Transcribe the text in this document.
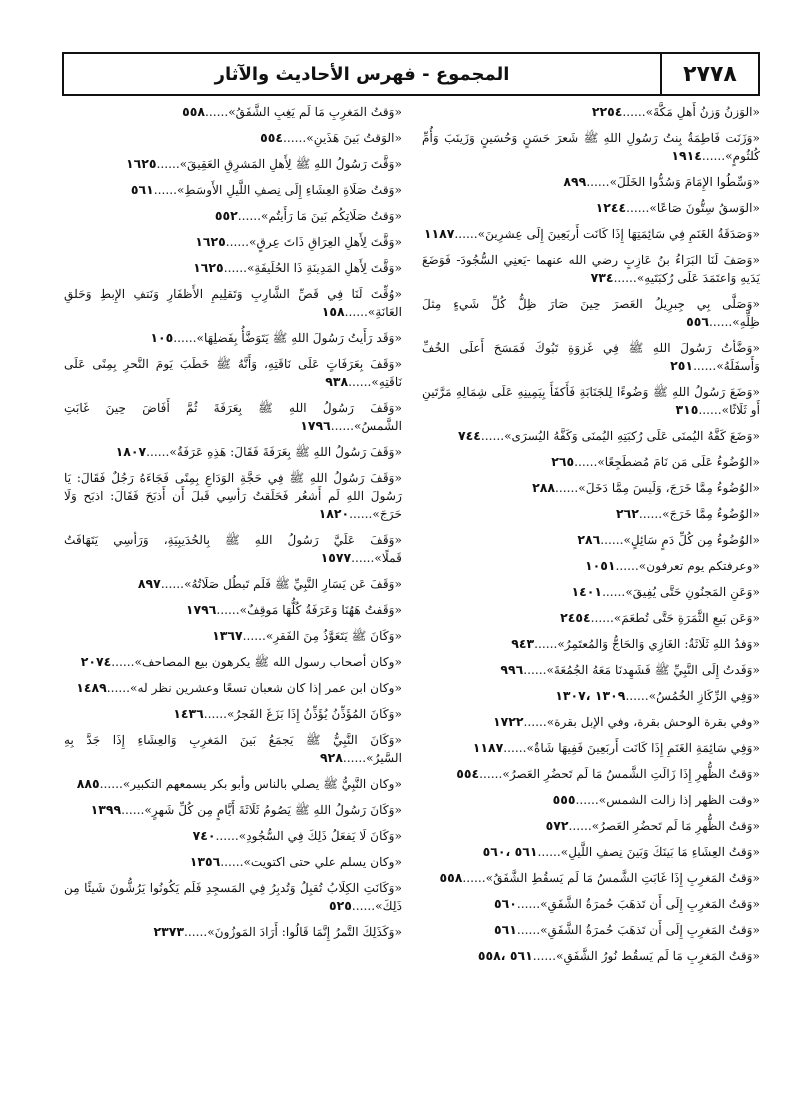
٢٧٧٨
المجموع - فهرس الأحاديث والآثار
«الوَزنُ وَزنُ أَهلِ مَكَّةَ»......٢٢٥٤
«وَزَنَت فَاطِمَةُ بِنتُ رَسُولِ اللهِ ﷺ شَعرَ حَسَنٍ وَحُسَينٍ وَزَينَبَ وَأُمِّ كُلثُومٍ»......١٩١٤
«وَسِّطُوا الإِمَامَ وَسُدُّوا الخَلَلَ»......٨٩٩
«الوَسقُ سِتُّونَ صَاعًا»......١٢٤٤
«وَصَدَقَةُ الغَنَمِ فِي سَائِمَتِهَا إِذَا كَانَت أَربَعِينَ إِلَى عِشرِينَ»......١١٨٧
«وَصَفَ لَنَا البَرَاءُ بنُ عَازِبٍ رضي الله عنهما -يَعنِي السُّجُودَ- فَوَضَعَ يَدَيهِ وَاعتَمَدَ عَلَى رُكبَتَيهِ»......٧٣٤
«وَصَلَّى بِي جِبرِيلُ العَصرَ حِينَ صَارَ ظِلُّ كُلِّ شَيءٍ مِثلَ ظِلِّهِ»......٥٥٦
«وَضَّأتُ رَسُولَ اللهِ ﷺ فِي غَزوَةِ تَبُوكَ فَمَسَحَ أَعلَى الخُفِّ وَأَسفَلَهُ»......٢٥١
«وَضَعَ رَسُولُ اللهِ ﷺ وَضُوءًا لِلجَنَابَةِ فَأَكفَأَ بِيَمِينِهِ عَلَى شِمَالِهِ مَرَّتَينِ أَو ثَلَاثًا»......٣١٥
«وَضَعَ كَفَّهُ اليُمنَى عَلَى رُكبَتِهِ اليُمنَى وَكَفَّهُ اليُسرَى»......٧٤٤
«الوُضُوءُ عَلَى مَن نَامَ مُضطَجِعًا»......٢٦٥
«الوُضُوءُ مِمَّا خَرَجَ، وَلَيسَ مِمَّا دَخَلَ»......٢٨٨
«الوُضُوءُ مِمَّا خَرَجَ»......٢٦٢
«الوُضُوءُ مِن كُلِّ دَمٍ سَائِلٍ»......٢٨٦
«وعرفتكم يوم تعرفون»......١٠٥١
«وَعَنِ المَجنُونِ حَتَّى يُفِيقَ»......١٤٠١
«وَعَن بَيعِ الثَّمَرَةِ حَتَّى تُطعَمَ»......٢٤٥٤
«وَفدُ اللهِ ثَلَاثَةٌ: الغَازِي وَالحَاجُّ وَالمُعتَمِرُ»......٩٤٣
«وَفَدتُ إِلَى النَّبِيِّ ﷺ فَشَهِدنَا مَعَهُ الجُمُعَةَ»......٩٩٦
«وَفِي الرِّكَازِ الخُمُسُ»......١٣٠٩ ،١٣٠٧
«وفي بقرة الوحش بقرة، وفي الإبل بقرة»......١٧٢٢
«وَفِي سَائِمَةِ الغَنَمِ إِذَا كَانَت أَربَعِينَ فَفِيهَا شَاةٌ»......١١٨٧
«وَقتُ الظُّهرِ إِذَا زَالَتِ الشَّمسُ مَا لَم تَحضُرِ العَصرُ»......٥٥٤
«وقت الظهر إذا زالت الشمس»......٥٥٥
«وَقتُ الظُّهرِ مَا لَم تَحضُرِ العَصرُ»......٥٧٢
«وَقتُ العِشَاءِ مَا بَينَكَ وَبَينَ نِصفِ اللَّيلِ»......٥٦١ ،٥٦٠
«وَقتُ المَغرِبِ إِذَا غَابَتِ الشَّمسُ مَا لَم يَسقُطِ الشَّفَقُ»......٥٥٨
«وَقتُ المَغرِبِ إِلَى أَن تَذهَبَ حُمرَةُ الشَّفَقِ»......٥٦٠
«وَقتُ المَغرِبِ إِلَى أَن تَذهَبَ حُمرَةُ الشَّفَقِ»......٥٦١
«وَقتُ المَغرِبِ مَا لَم يَسقُط نُورُ الشَّفَقِ»......٥٦١ ،٥٥٨
«وَقتُ المَغرِبِ مَا لَم يَغِبِ الشَّفَقُ»......٥٥٨
«الوَقتُ بَينَ هَذَينِ»......٥٥٤
«وَقَّتَ رَسُولُ اللهِ ﷺ لِأَهلِ المَشرِقِ العَقِيقَ»......١٦٢٥
«وَقتُ صَلَاةِ العِشَاءِ إِلَى نِصفِ اللَّيلِ الأَوسَطِ»......٥٦١
«وَقتُ صَلَاتِكُم بَينَ مَا رَأَيتُم»......٥٥٢
«وَقَّتَ لِأَهلِ العِرَاقِ ذَاتَ عِرقٍ»......١٦٢٥
«وَقَّتَ لِأَهلِ المَدِينَةِ ذَا الحُلَيفَةِ»......١٦٢٥
«وُقِّتَ لَنَا فِي قَصِّ الشَّارِبِ وَتَقلِيمِ الأَظفَارِ وَنَتفِ الإِبطِ وَحَلقِ العَانَةِ»......١٥٨
«وَقَد رَأَيتُ رَسُولَ اللهِ ﷺ يَتَوَضَّأُ بِفَضلِهَا»......١٠٥
«وَقَفَ بِعَرَفَاتٍ عَلَى نَاقَتِهِ، وَأَنَّهُ ﷺ خَطَبَ يَومَ النَّحرِ بِمِنًى عَلَى نَاقَتِهِ»......٩٣٨
«وَقَفَ رَسُولُ اللهِ ﷺ بِعَرَفَةَ ثُمَّ أَفَاضَ حِينَ غَابَتِ الشَّمسُ»......١٧٩٦
«وَقَفَ رَسُولُ اللهِ ﷺ بِعَرَفَةَ فَقَالَ: هَذِهِ عَرَفَةُ»......١٨٠٧
«وَقَفَ رَسُولُ اللهِ ﷺ فِي حَجَّةِ الوَدَاعِ بِمِنًى فَجَاءَهُ رَجُلٌ فَقَالَ: يَا رَسُولَ اللهِ لَم أَشعُر فَحَلَقتُ رَأسِي قَبلَ أَن أَذبَحَ فَقَالَ: اذبَح وَلَا حَرَجَ»......١٨٢٠
«وَقَفَ عَلَيَّ رَسُولُ اللهِ ﷺ بِالحُدَيبِيَةِ، وَرَأسِي يَتَهَافَتُ قَملًا»......١٥٧٧
«وَقَفَ عَن يَسَارِ النَّبِيِّ ﷺ فَلَم تَبطُل صَلَاتُهُ»......٨٩٧
«وَقَفتُ هَهُنَا وَعَرَفَةُ كُلُّهَا مَوقِفٌ»......١٧٩٦
«وَكَانَ ﷺ يَتَعَوَّذُ مِنَ الفَقرِ»......١٣٦٧
«وكان أصحاب رسول الله ﷺ يكرهون بيع المصاحف»......٢٠٧٤
«وكان ابن عمر إذا كان شعبان تسعًا وعشرين نظر له»......١٤٨٩
«وَكَانَ المُؤَذِّنُ يُؤَذِّنُ إِذَا بَزَغَ الفَجرُ»......١٤٣٦
«وَكَانَ النَّبِيُّ ﷺ يَجمَعُ بَينَ المَغرِبِ وَالعِشَاءِ إِذَا جَدَّ بِهِ السَّيرُ»......٩٢٨
«وكان النَّبِيُّ ﷺ يصلي بالناس وأبو بكر يسمعهم التكبير»......٨٨٥
«وَكَانَ رَسُولُ اللهِ ﷺ يَصُومُ ثَلَاثَةَ أَيَّامٍ مِن كُلِّ شَهرٍ»......١٣٩٩
«وَكَانَ لَا يَفعَلُ ذَلِكَ فِي السُّجُودِ»......٧٤٠
«وكان يسلم علي حتى اكتويت»......١٣٥٦
«وَكَانَتِ الكِلَابُ تُقبِلُ وَتُدبِرُ فِي المَسجِدِ فَلَم يَكُونُوا يَرُشُّونَ شَيئًا مِن ذَلِكَ»......٥٢٥
«وَكَذَلِكَ التَّمرُ إِنَّمَا قَالُوا: أَرَادَ المَوزُونَ»......٢٣٧٣
